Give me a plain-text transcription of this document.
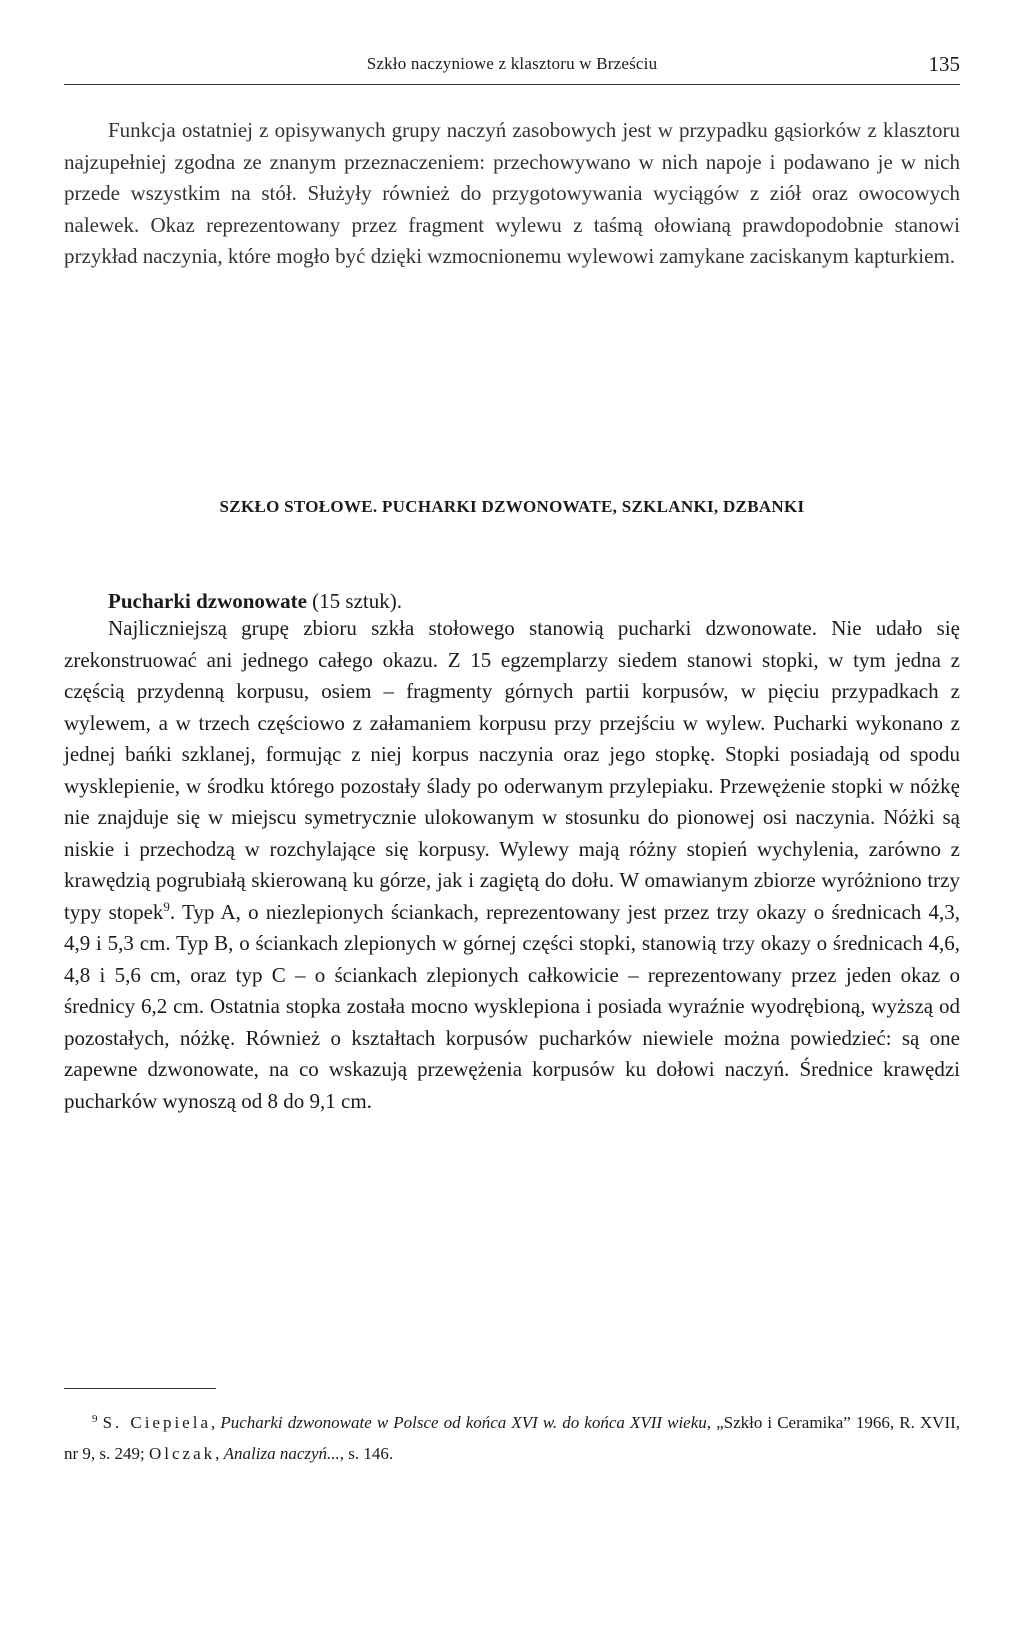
Szkło naczyniowe z klasztoru w Brześciu	135

Funkcja ostatniej z opisywanych grupy naczyń zasobowych jest w przypadku gąsiorków z klasztoru najzupełniej zgodna ze znanym przeznaczeniem: przechowywano w nich napoje i podawano je w nich przede wszystkim na stół. Służyły również do przygotowywania wyciągów z ziół oraz owocowych nalewek. Okaz reprezentowany przez fragment wylewu z taśmą ołowianą prawdopodobnie stanowi przykład naczynia, które mogło być dzięki wzmocnionemu wylewowi zamykane zaciskanym kapturkiem.

SZKŁO STOŁOWE. PUCHARKI DZWONOWATE, SZKLANKI, DZBANKI

Pucharki dzwonowate (15 sztuk).

Najliczniejszą grupę zbioru szkła stołowego stanowią pucharki dzwonowate. Nie udało się zrekonstruować ani jednego całego okazu. Z 15 egzemplarzy siedem stanowi stopki, w tym jedna z częścią przydenną korpusu, osiem – fragmenty górnych partii korpusów, w pięciu przypadkach z wylewem, a w trzech częściowo z załamaniem korpusu przy przejściu w wylew. Pucharki wykonano z jednej bańki szklanej, formując z niej korpus naczynia oraz jego stopkę. Stopki posiadają od spodu wysklepienie, w środku którego pozostały ślady po oderwanym przylepiaku. Przewężenie stopki w nóżkę nie znajduje się w miejscu symetrycznie ulokowanym w stosunku do pionowej osi naczynia. Nóżki są niskie i przechodzą w rozchylające się korpusy. Wylewy mają różny stopień wychylenia, zarówno z krawędzią pogrubiałą skierowaną ku górze, jak i zagiętą do dołu. W omawianym zbiorze wyróżniono trzy typy stopek$^9$. Typ A, o niezlepionych ściankach, reprezentowany jest przez trzy okazy o średnicach 4,3, 4,9 i 5,3 cm. Typ B, o ściankach zlepionych w górnej części stopki, stanowią trzy okazy o średnicach 4,6, 4,8 i 5,6 cm, oraz typ C – o ściankach zlepionych całkowicie – reprezentowany przez jeden okaz o średnicy 6,2 cm. Ostatnia stopka została mocno wysklepiona i posiada wyraźnie wyodrębioną, wyższą od pozostałych, nóżkę. Również o kształtach korpusów pucharków niewiele można powiedzieć: są one zapewne dzwonowate, na co wskazują przewężenia korpusów ku dołowi naczyń. Średnice krawędzi pucharków wynoszą od 8 do 9,1 cm.

$^9$ S. Ciepiela, Pucharki dzwonowate w Polsce od końca XVI w. do końca XVII wieku, „Szkło i Ceramika” 1966, R. XVII, nr 9, s. 249; Olczak, Analiza naczyń..., s. 146.
